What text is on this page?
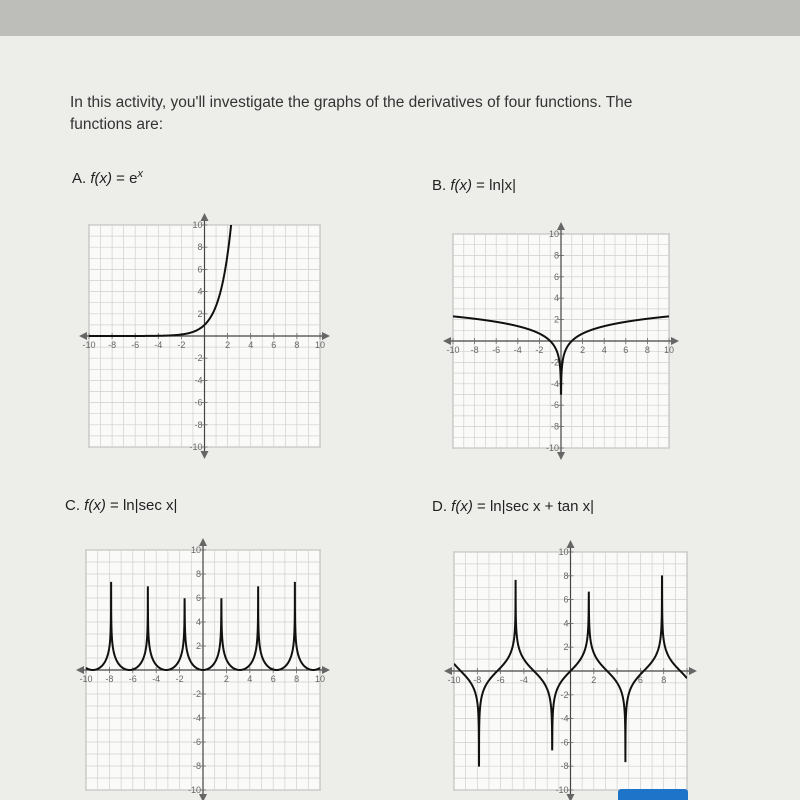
In this activity, you'll investigate the graphs of the derivatives of four functions. The
functions are:
A. $f(x) = e^x$
B. f(x) = ln|x|
C. f(x) = ln|sec x|	D. f(x) = ln|sec x + tan x|
-10 -8 -6 -4 -2	2 4 6 8 10
10
8
6
4
2
-2
-4
-6
-8
-10
-10 -8 -6 -4 -2	2 4 6 8 10
10
8
6
4
2
-2
-4
-6
-8
-10
-10 -8 -6 -4 -2	2 4 6 8 10
10
8
6
4
2
-2
-4
-6
-8
-10
-10 -8 -6 -4	2	6 8
10
8
6
4
2
-2
-4
-6
-8
-10
